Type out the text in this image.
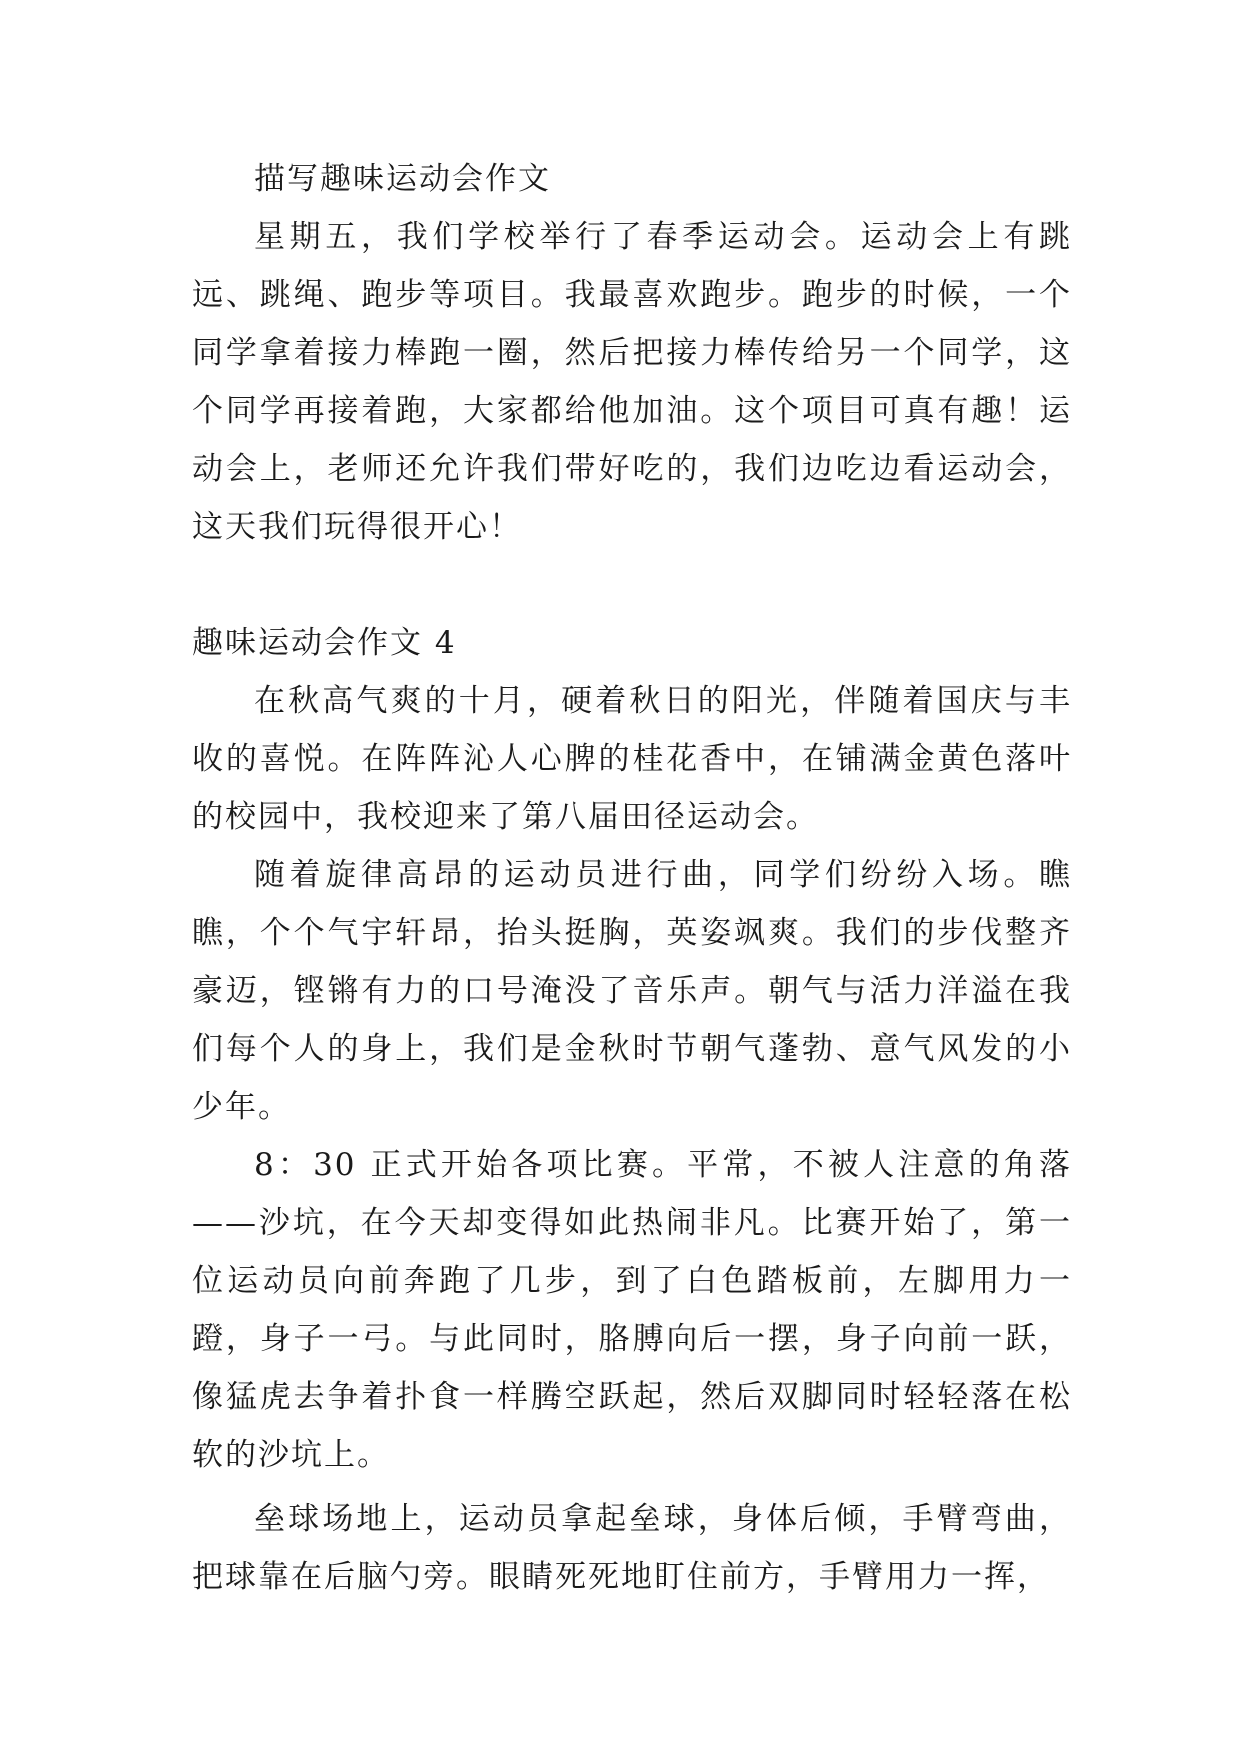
描写趣味运动会作文

星期五，我们学校举行了春季运动会。运动会上有跳远、跳绳、跑步等项目。我最喜欢跑步。跑步的时候，一个同学拿着接力棒跑一圈，然后把接力棒传给另一个同学，这个同学再接着跑，大家都给他加油。这个项目可真有趣！运动会上，老师还允许我们带好吃的，我们边吃边看运动会，这天我们玩得很开心！

趣味运动会作文 4

在秋高气爽的十月，硬着秋日的阳光，伴随着国庆与丰收的喜悦。在阵阵沁人心脾的桂花香中，在铺满金黄色落叶的校园中，我校迎来了第八届田径运动会。

随着旋律高昂的运动员进行曲，同学们纷纷入场。瞧瞧，个个气宇轩昂，抬头挺胸，英姿飒爽。我们的步伐整齐豪迈，铿锵有力的口号淹没了音乐声。朝气与活力洋溢在我们每个人的身上，我们是金秋时节朝气蓬勃、意气风发的小少年。

8：30 正式开始各项比赛。平常，不被人注意的角落——沙坑，在今天却变得如此热闹非凡。比赛开始了，第一位运动员向前奔跑了几步，到了白色踏板前，左脚用力一蹬，身子一弓。与此同时，胳膊向后一摆，身子向前一跃，像猛虎去争着扑食一样腾空跃起，然后双脚同时轻轻落在松软的沙坑上。

垒球场地上，运动员拿起垒球，身体后倾，手臂弯曲，把球靠在后脑勺旁。眼睛死死地盯住前方，手臂用力一挥，
